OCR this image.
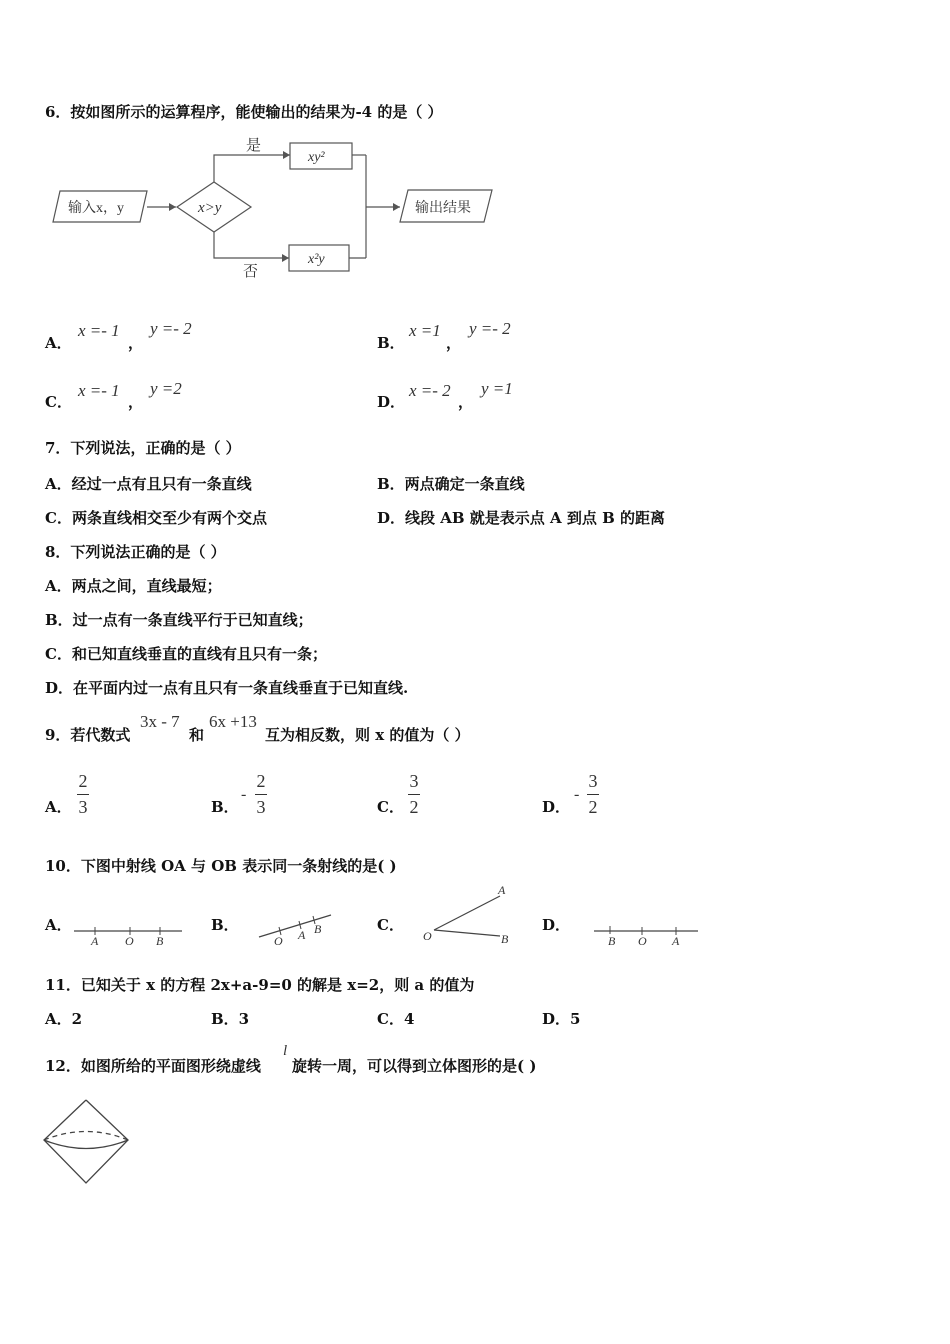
6．按如图所示的运算程序，能使输出的结果为-4 的是（ ）
输入x，y	x>y
是
xy²
否
x²y
输出结果
A．
x =- 1
，
y =- 2
B．
x =1
，
y =- 2
C．
x =- 1
，
y =2
D．
x =- 2
，
y =1
7．下列说法，正确的是（ ）
A．经过一点有且只有一条直线	B．两点确定一条直线
C．两条直线相交至少有两个交点	D．线段 AB 就是表示点 A 到点 B 的距离
8．下列说法正确的是（ ）
A．两点之间，直线最短；
B．过一点有一条直线平行于已知直线；
C．和已知直线垂直的直线有且只有一条；
D．在平面内过一点有且只有一条直线垂直于已知直线.
9．若代数式
3x - 7
和
6x +13
互为相反数，则 x 的值为（ ）
A．
2
3	B．
-
2
3	C．
3
2	D．
-
3
2
10．下图中射线 OA 与 OB 表示同一条射线的是( )
A．
A O B
B．
O A B	C．
A
O	B
D．
B O A
11．已知关于 x 的方程 2x+a-9=0 的解是 x=2，则 a 的值为
A．2	B．3	C．4	D．5
12．如图所给的平面图形绕虚线
l
旋转一周，可以得到立体图形的是( )
